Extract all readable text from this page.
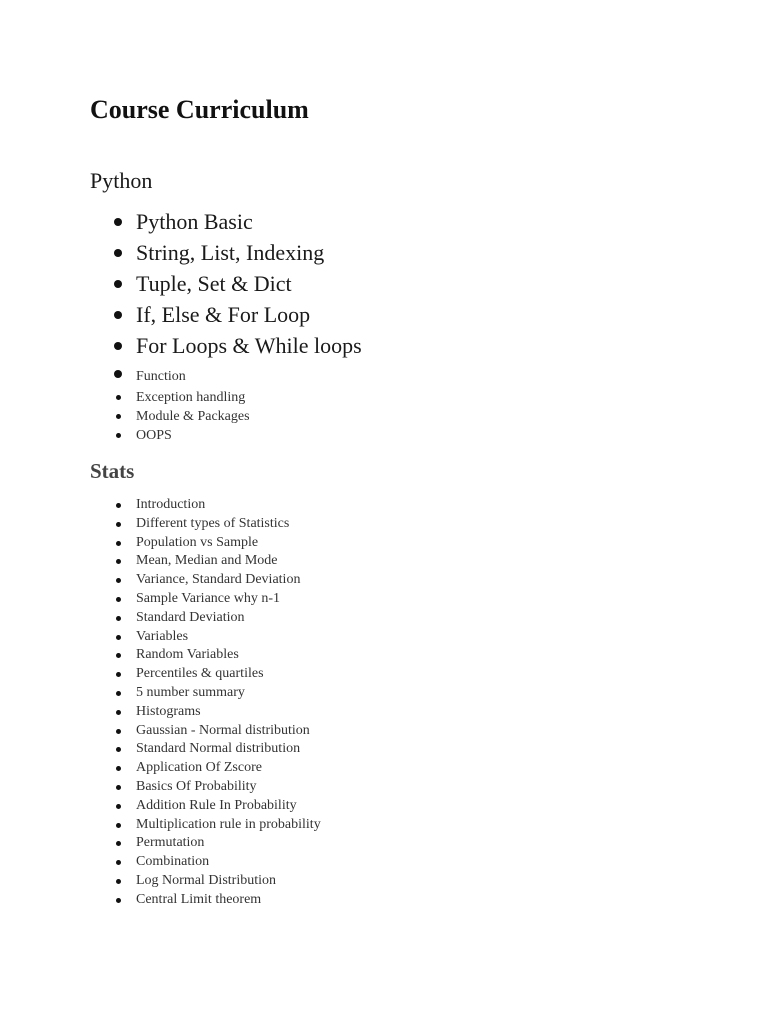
Course Curriculum
Python
Python Basic
String, List, Indexing
Tuple, Set & Dict
If, Else & For Loop
For Loops & While loops
Function
Exception handling
Module & Packages
OOPS
Stats
Introduction
Different types of Statistics
Population vs Sample
Mean, Median and Mode
Variance, Standard Deviation
Sample Variance why n-1
Standard Deviation
Variables
Random Variables
Percentiles & quartiles
5 number summary
Histograms
Gaussian - Normal distribution
Standard Normal distribution
Application Of Zscore
Basics Of Probability
Addition Rule In Probability
Multiplication rule in probability
Permutation
Combination
Log Normal Distribution
Central Limit theorem
